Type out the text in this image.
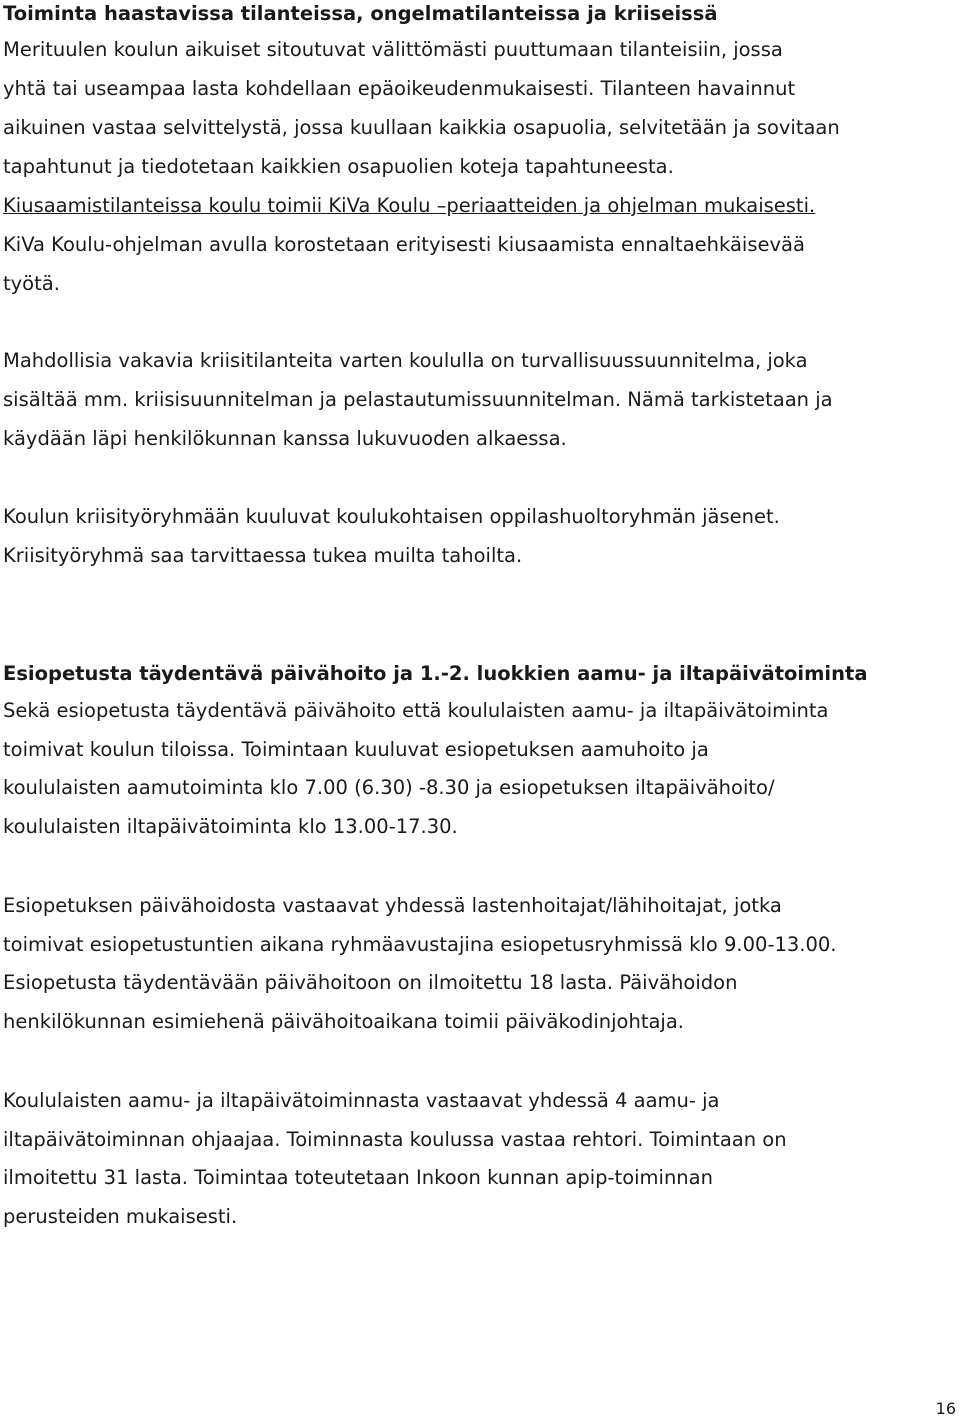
Toiminta haastavissa tilanteissa, ongelmatilanteissa ja kriiseissä

Merituulen koulun aikuiset sitoutuvat välittömästi puuttumaan tilanteisiin, jossa
yhtä tai useampaa lasta kohdellaan epäoikeudenmukaisesti. Tilanteen havainnut
aikuinen vastaa selvittelystä, jossa kuullaan kaikkia osapuolia, selvitetään ja sovitaan
tapahtunut ja tiedotetaan kaikkien osapuolien koteja tapahtuneesta.
Kiusaamistilanteissa koulu toimii KiVa Koulu –periaatteiden ja ohjelman mukaisesti.
KiVa Koulu-ohjelman avulla korostetaan erityisesti kiusaamista ennaltaehkäisevää
työtä.
Mahdollisia vakavia kriisitilanteita varten koululla on turvallisuussuunnitelma, joka
sisältää mm. kriisisuunnitelman ja pelastautumissuunnitelman. Nämä tarkistetaan ja
käydään läpi henkilökunnan kanssa lukuvuoden alkaessa.
Koulun kriisityöryhmään kuuluvat koulukohtaisen oppilashuoltoryhmän jäsenet.
Kriisityöryhmä saa tarvittaessa tukea muilta tahoilta.

Esiopetusta täydentävä päivähoito ja 1.-2. luokkien aamu- ja iltapäivätoiminta

Sekä esiopetusta täydentävä päivähoito että koululaisten aamu- ja iltapäivätoiminta
toimivat koulun tiloissa. Toimintaan kuuluvat esiopetuksen aamuhoito ja
koululaisten aamutoiminta klo 7.00 (6.30) -8.30 ja esiopetuksen iltapäivähoito/
koululaisten iltapäivätoiminta klo 13.00-17.30.
Esiopetuksen päivähoidosta vastaavat yhdessä lastenhoitajat/lähihoitajat, jotka
toimivat esiopetustuntien aikana ryhmäavustajina esiopetusryhmissä klo 9.00-13.00.
Esiopetusta täydentävään päivähoitoon on ilmoitettu 18 lasta. Päivähoidon
henkilökunnan esimiehenä päivähoitoaikana toimii päiväkodinjohtaja.
Koululaisten aamu- ja iltapäivätoiminnasta vastaavat yhdessä 4 aamu- ja
iltapäivätoiminnan ohjaajaa. Toiminnasta koulussa vastaa rehtori. Toimintaan on
ilmoitettu 31 lasta. Toimintaa toteutetaan Inkoon kunnan apip-toiminnan
perusteiden mukaisesti.
16
